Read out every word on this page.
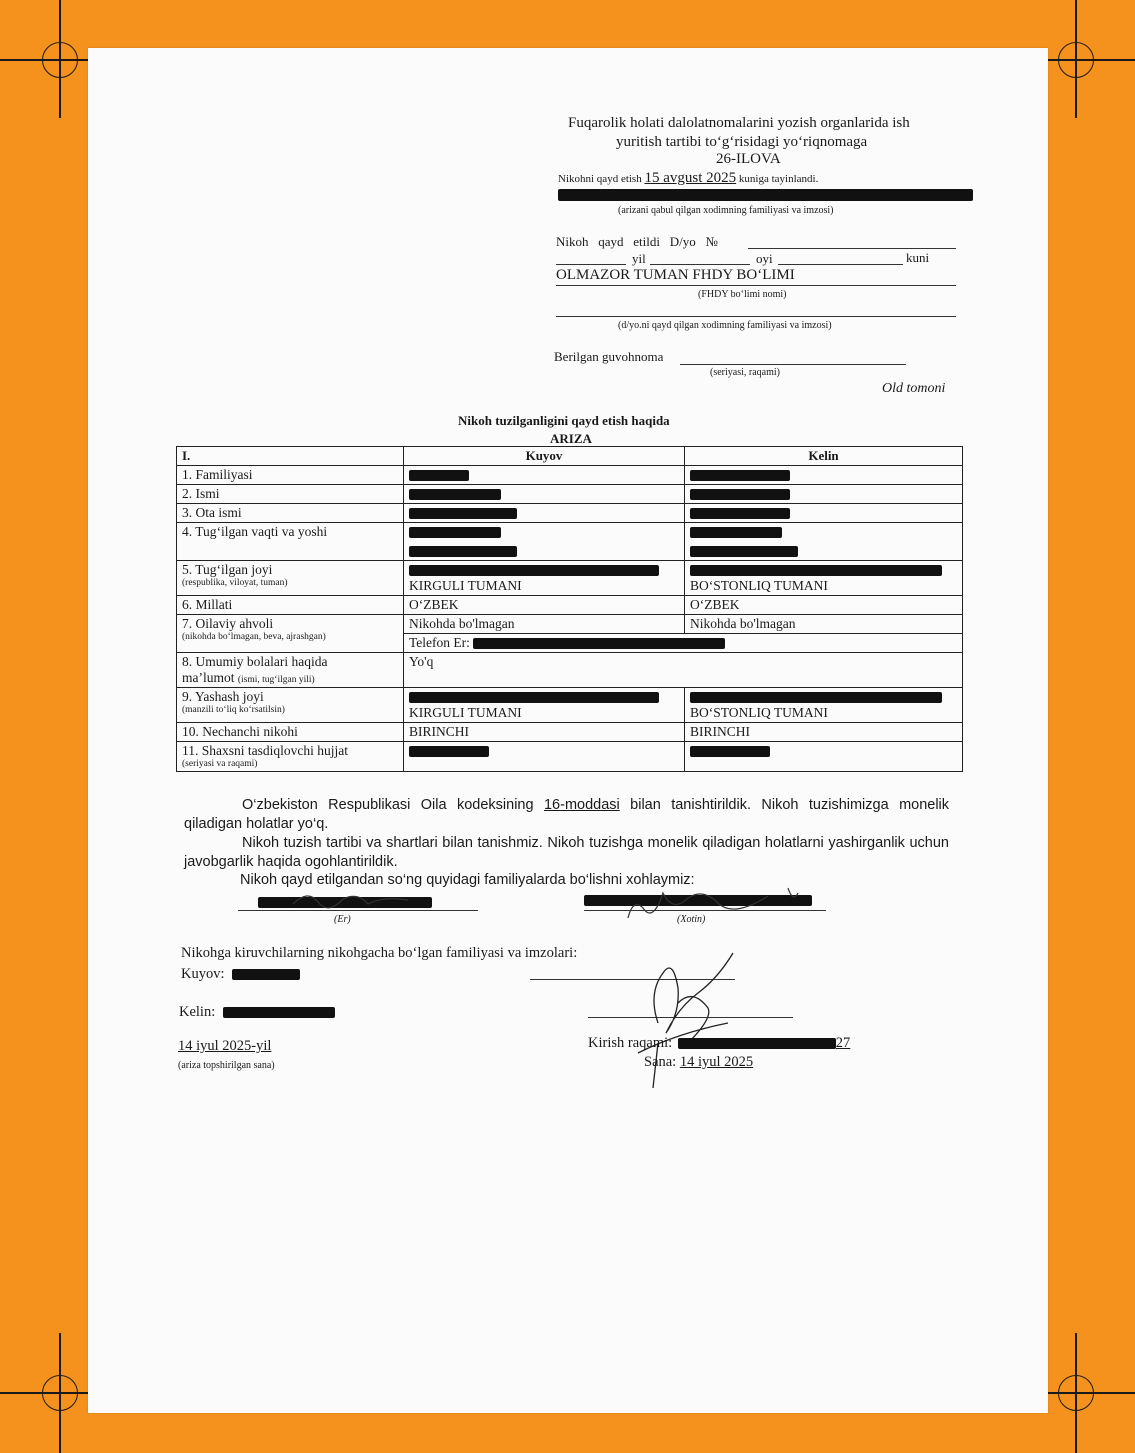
Fuqarolik holati dalolatnomalarini yozish organlarida ish
yuritish tartibi to‘g‘risidagi yo‘riqnomaga
26-ILOVA
Nikohni qayd etish 15 avgust 2025 kuniga tayinlandi.
(arizani qabul qilgan xodimning familiyasi va imzosi)
Nikoh   qayd   etildi   D/yo   №
yil	oyi	kuni
OLMAZOR TUMAN FHDY BO‘LIMI
(FHDY bo‘limi nomi)
(d/yo.ni qayd qilgan xodimning familiyasi va imzosi)
Berilgan guvohnoma
(seriyasi, raqami)
Old tomoni
Nikoh tuzilganligini qayd etish haqida
ARIZA
I.	Kuyov	Kelin
1. Familiyasi		
2. Ismi		
3. Ota ismi		
4. Tug‘ilgan vaqti va yoshi	

5. Tug‘ilgan joyi
(respublika, viloyat, tuman)	KIRGULI TUMANI	BO‘STONLIQ TUMANI
6. Millati	O‘ZBEK	O‘ZBEK
7. Oilaviy ahvoli
(nikohda bo‘lmagan, beva, ajrashgan)	Nikohda bo'lmagan	Nikohda bo'lmagan
	Telefon Er:	
8. Umumiy bolalari haqida
ma’lumot (ismi, tug‘ilgan yili)	Yo'q	
9. Yashash joyi
(manzili to‘liq ko‘rsatilsin)	KIRGULI TUMANI	BO‘STONLIQ TUMANI
10. Nechanchi nikohi	BIRINCHI	BIRINCHI
11. Shaxsni tasdiqlovchi hujjat
(seriyasi va raqami)		

O‘zbekiston Respublikasi Oila kodeksining 16-moddasi bilan tanishtirildik. Nikoh tuzishimizga monelik qiladigan holatlar yo‘q.
Nikoh tuzish tartibi va shartlari bilan tanishmiz. Nikoh tuzishga monelik qiladigan holatlarni yashirganlik uchun javobgarlik haqida ogohlantirildik.
Nikoh qayd etilgandan so‘ng quyidagi familiyalarda bo‘lishni xohlaymiz:
(Er)	(Xotin)
Nikohga kiruvchilarning nikohgacha bo‘lgan familiyasi va imzolari:
Kuyov:
Kelin:
14 iyul 2025-yil
(ariza topshirilgan sana)
Kirish raqami:	27
Sana: 14 iyul 2025
